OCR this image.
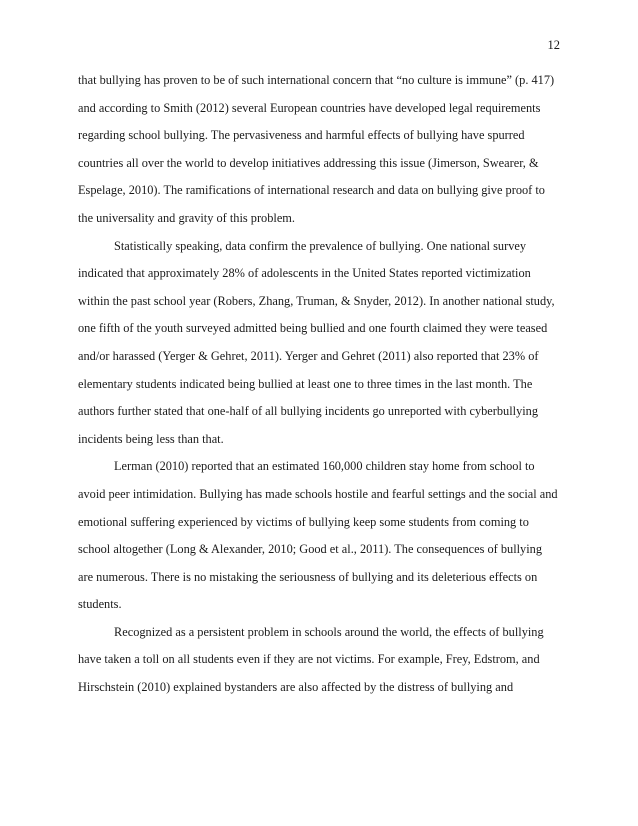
12
that bullying has proven to be of such international concern that “no culture is immune” (p. 417)
and according to Smith (2012) several European countries have developed legal requirements
regarding school bullying. The pervasiveness and harmful effects of bullying have spurred
countries all over the world to develop initiatives addressing this issue (Jimerson, Swearer, &
Espelage, 2010). The ramifications of international research and data on bullying give proof to
the universality and gravity of this problem.
Statistically speaking, data confirm the prevalence of bullying. One national survey
indicated that approximately 28% of adolescents in the United States reported victimization
within the past school year (Robers, Zhang, Truman, & Snyder, 2012). In another national study,
one fifth of the youth surveyed admitted being bullied and one fourth claimed they were teased
and/or harassed (Yerger & Gehret, 2011). Yerger and Gehret (2011) also reported that 23% of
elementary students indicated being bullied at least one to three times in the last month. The
authors further stated that one-half of all bullying incidents go unreported with cyberbullying
incidents being less than that.
Lerman (2010) reported that an estimated 160,000 children stay home from school to
avoid peer intimidation. Bullying has made schools hostile and fearful settings and the social and
emotional suffering experienced by victims of bullying keep some students from coming to
school altogether (Long & Alexander, 2010; Good et al., 2011). The consequences of bullying
are numerous. There is no mistaking the seriousness of bullying and its deleterious effects on
students.
Recognized as a persistent problem in schools around the world, the effects of bullying
have taken a toll on all students even if they are not victims. For example, Frey, Edstrom, and
Hirschstein (2010) explained bystanders are also affected by the distress of bullying and
